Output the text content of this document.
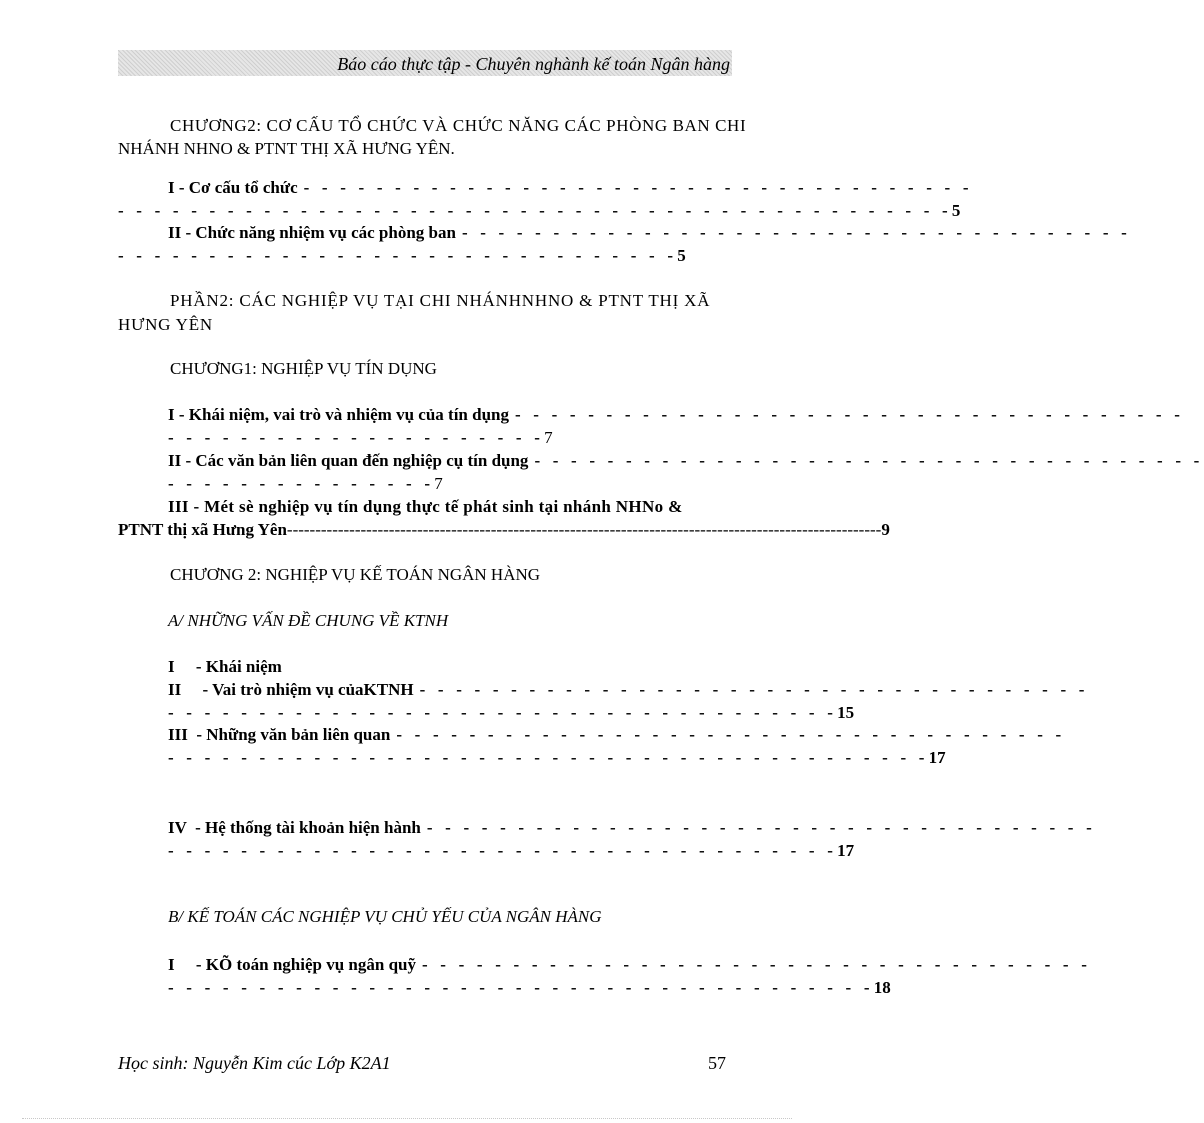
Báo cáo thực tập - Chuyên nghành kế toán Ngân hàng
CHƯƠNG2: CƠ CẤU TỔ CHỨC VÀ CHỨC NĂNG CÁC PHÒNG BAN CHI
NHÁNH NHNO & PTNT THỊ XÃ HƯNG YÊN.
I - Cơ cấu tổ chức - - - - - - - - - - - - - - - - - - - - - - - - - - - - - - - - - - - - -
- - - - - - - - - - - - - - - - - - - - - - - - - - - - - - - - - - - - - - - - - - - - - - 5
II - Chức năng nhiệm vụ các phòng ban - - - - - - - - - - - - - - - - - - - - - - - - - - - - - - - - - - - - -
- - - - - - - - - - - - - - - - - - - - - - - - - - - - - - - 5
PHẦN2: CÁC NGHIỆP VỤ TẠI CHI NHÁNHNHNO & PTNT THỊ XÃ
HƯNG YÊN
CHƯƠNG1: NGHIỆP VỤ TÍN DỤNG
I - Khái niệm, vai trò và nhiệm vụ của tín dụng - - - - - - - - - - - - - - - - - - - - - - - - - - - - - - - - - - - - -
- - - - - - - - - - - - - - - - - - - - - 7
II - Các văn bản liên quan đến nghiệp cụ tín dụng - - - - - - - - - - - - - - - - - - - - - - - - - - - - - - - - - - - - -
- - - - - - - - - - - - - - - 7
III - Mét sè nghiệp vụ tín dụng thực tế phát sinh tại nhánh NHNo &
PTNT thị xã Hưng Yên --------------------------------------------------------------------------------------------------------- 9
CHƯƠNG 2: NGHIỆP VỤ KẾ TOÁN NGÂN HÀNG
A/ NHỮNG VẤN ĐỀ CHUNG VỀ KTNH
I     - Khái niệm
II     - Vai trò nhiệm vụ củaKTNH - - - - - - - - - - - - - - - - - - - - - - - - - - - - - - - - - - - - -
- - - - - - - - - - - - - - - - - - - - - - - - - - - - - - - - - - - - - 15
III  - Những văn bản liên quan - - - - - - - - - - - - - - - - - - - - - - - - - - - - - - - - - - - - -
- - - - - - - - - - - - - - - - - - - - - - - - - - - - - - - - - - - - - - - - - - 17
IV  - Hệ thống tài khoản hiện hành - - - - - - - - - - - - - - - - - - - - - - - - - - - - - - - - - - - - -
- - - - - - - - - - - - - - - - - - - - - - - - - - - - - - - - - - - - - 17
B/ KẾ TOÁN CÁC NGHIỆP VỤ CHỦ YẾU CỦA NGÂN HÀNG
I     - KÕ toán nghiệp vụ ngân quỹ - - - - - - - - - - - - - - - - - - - - - - - - - - - - - - - - - - - - -
- - - - - - - - - - - - - - - - - - - - - - - - - - - - - - - - - - - - - - - 18
Học sinh: Nguyễn Kim cúc Lớp K2A1	57
